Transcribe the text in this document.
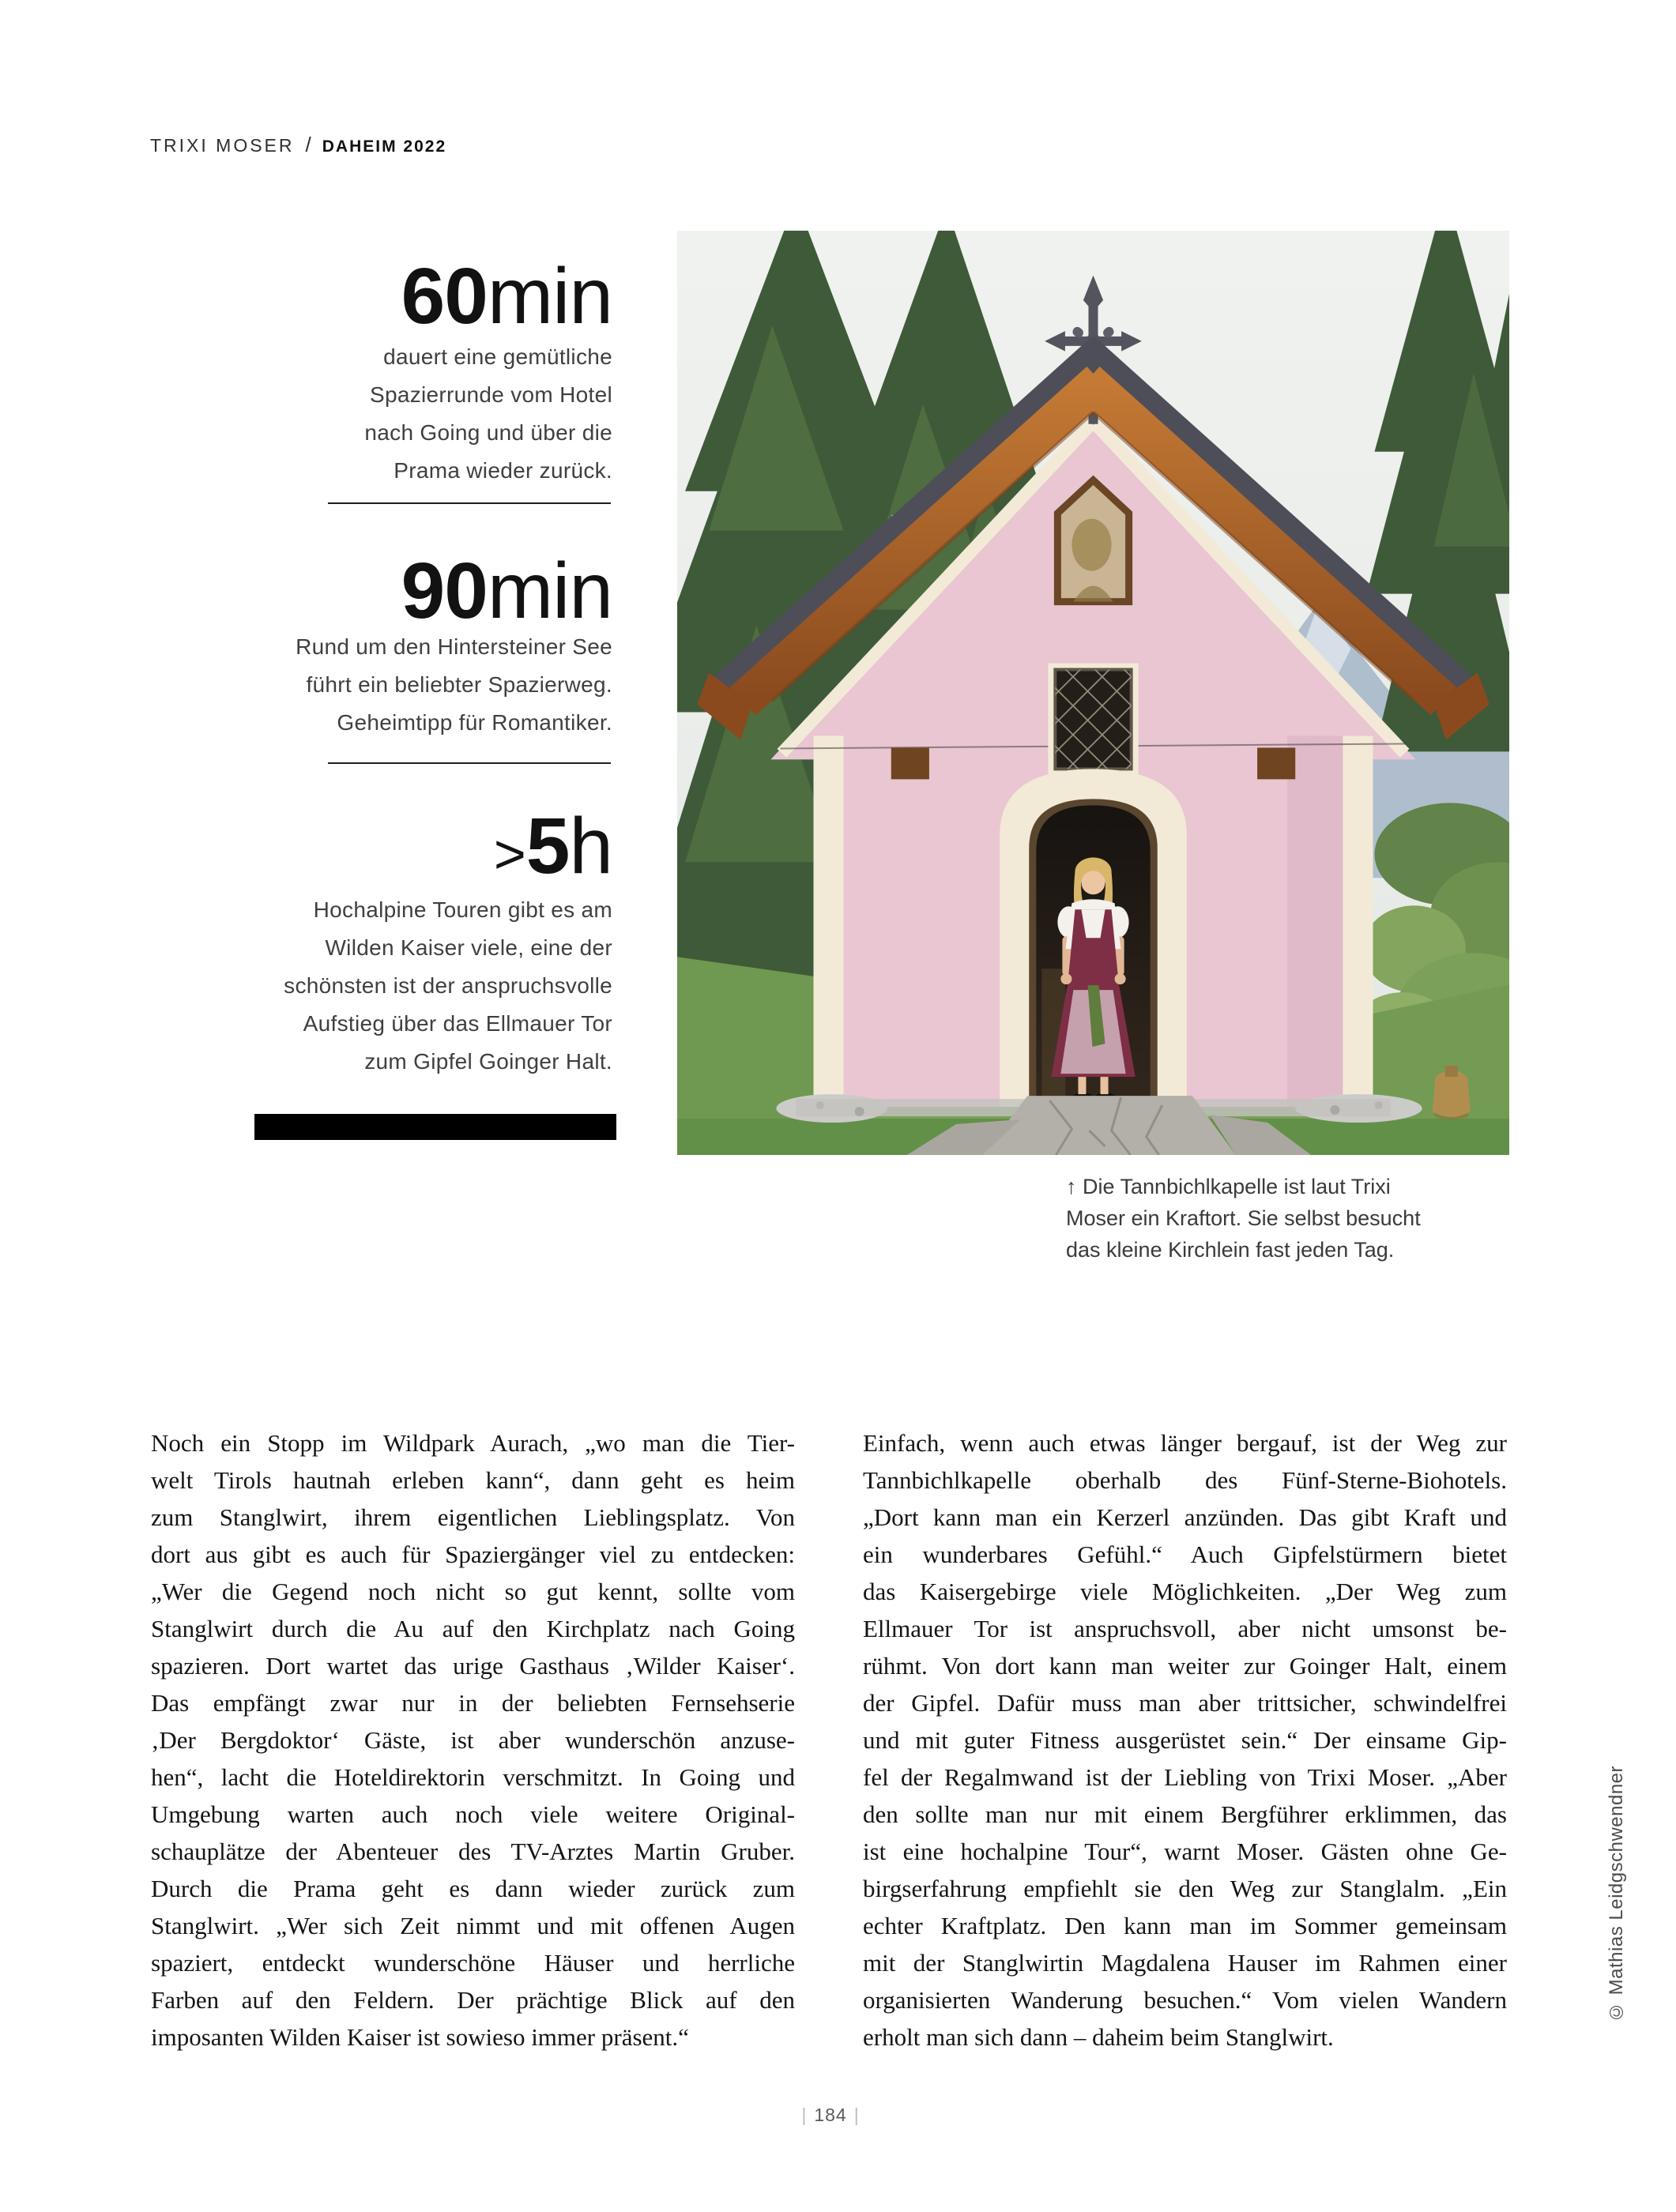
TRIXI MOSER / DAHEIM 2022
60min
dauert eine gemütliche
Spazierrunde vom Hotel
nach Going und über die
Prama wieder zurück.
90min
Rund um den Hintersteiner See
führt ein beliebter Spazierweg.
Geheimtipp für Romantiker.
>5h
Hochalpine Touren gibt es am
Wilden Kaiser viele, eine der
schönsten ist der anspruchsvolle
Aufstieg über das Ellmauer Tor
zum Gipfel Goinger Halt.
↑ Die Tannbichlkapelle ist laut Trixi
Moser ein Kraftort. Sie selbst besucht
das kleine Kirchlein fast jeden Tag.
Noch ein Stopp im Wildpark Aurach, „wo man die Tier-
welt Tirols hautnah erleben kann“, dann geht es heim
zum Stanglwirt, ihrem eigentlichen Lieblingsplatz. Von
dort aus gibt es auch für Spaziergänger viel zu entdecken:
„Wer die Gegend noch nicht so gut kennt, sollte vom
Stanglwirt durch die Au auf den Kirchplatz nach Going
spazieren. Dort wartet das urige Gasthaus ‚Wilder Kaiser‘.
Das empfängt zwar nur in der beliebten Fernsehserie
‚Der Bergdoktor‘ Gäste, ist aber wunderschön anzuse-
hen“, lacht die Hoteldirektorin verschmitzt. In Going und
Umgebung warten auch noch viele weitere Original-
schauplätze der Abenteuer des TV-Arztes Martin Gruber.
Durch die Prama geht es dann wieder zurück zum
Stanglwirt. „Wer sich Zeit nimmt und mit offenen Augen
spaziert, entdeckt wunderschöne Häuser und herrliche
Farben auf den Feldern. Der prächtige Blick auf den
imposanten Wilden Kaiser ist sowieso immer präsent.“
Einfach, wenn auch etwas länger bergauf, ist der Weg zur
Tannbichlkapelle oberhalb des Fünf-Sterne-Biohotels.
„Dort kann man ein Kerzerl anzünden. Das gibt Kraft und
ein wunderbares Gefühl.“ Auch Gipfelstürmern bietet
das Kaisergebirge viele Möglichkeiten. „Der Weg zum
Ellmauer Tor ist anspruchsvoll, aber nicht umsonst be-
rühmt. Von dort kann man weiter zur Goinger Halt, einem
der Gipfel. Dafür muss man aber trittsicher, schwindelfrei
und mit guter Fitness ausgerüstet sein.“ Der einsame Gip-
fel der Regalmwand ist der Liebling von Trixi Moser. „Aber
den sollte man nur mit einem Bergführer erklimmen, das
ist eine hochalpine Tour“, warnt Moser. Gästen ohne Ge-
birgserfahrung empfiehlt sie den Weg zur Stanglalm. „Ein
echter Kraftplatz. Den kann man im Sommer gemeinsam
mit der Stanglwirtin Magdalena Hauser im Rahmen einer
organisierten Wanderung besuchen.“ Vom vielen Wandern
erholt man sich dann – daheim beim Stanglwirt.
© Mathias Leidgschwendner
| 184 |
